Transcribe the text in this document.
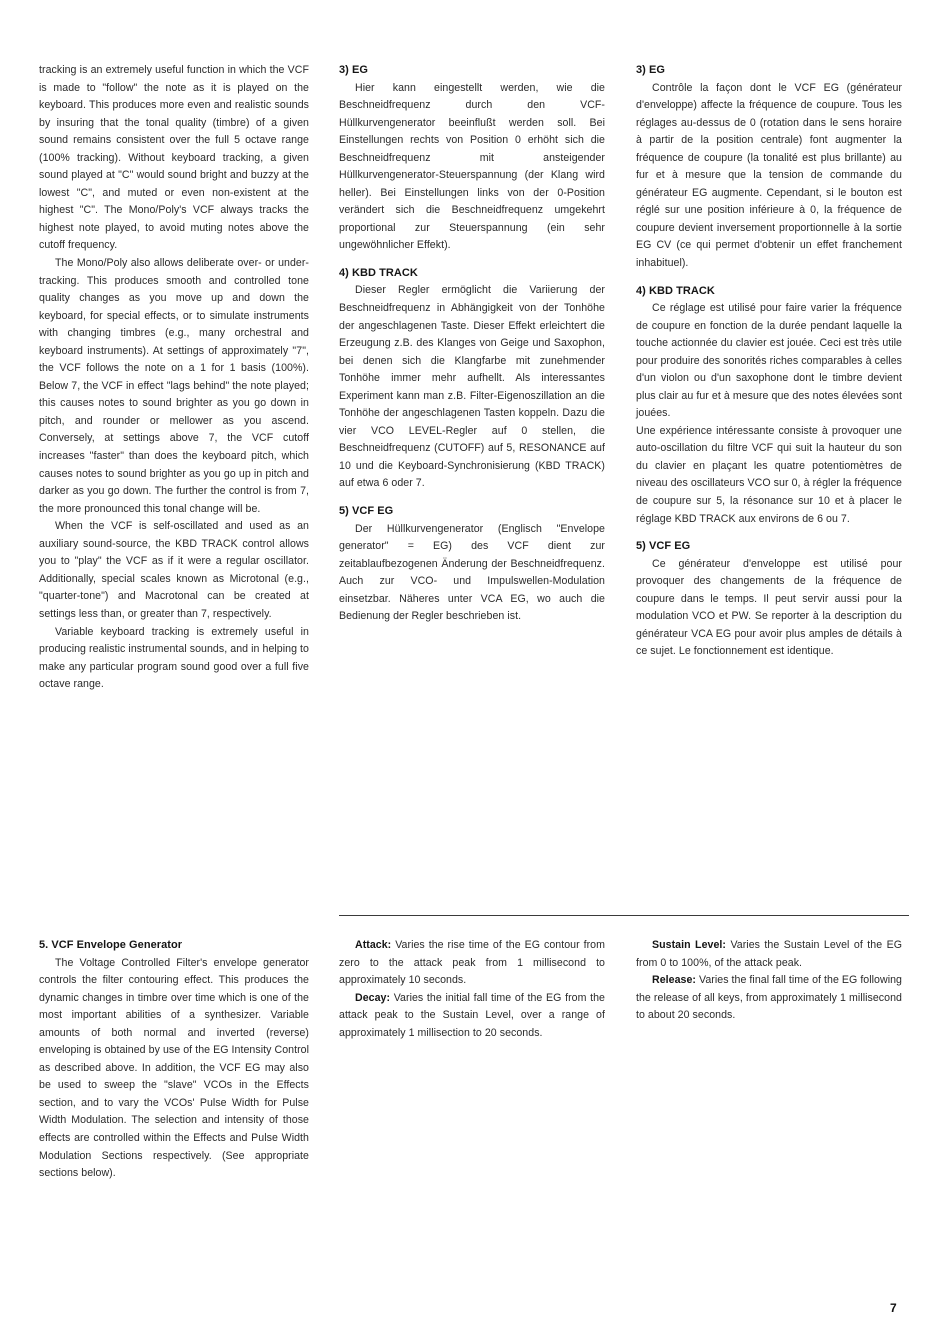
tracking is an extremely useful function in which the VCF is made to "follow" the note as it is played on the keyboard. This produces more even and realistic sounds by insuring that the tonal quality (timbre) of a given sound remains consistent over the full 5 octave range (100% tracking). Without keyboard tracking, a given sound played at "C" would sound bright and buzzy at the lowest "C", and muted or even non-existent at the highest "C". The Mono/Poly's VCF always tracks the highest note played, to avoid muting notes above the cutoff frequency.

The Mono/Poly also allows deliberate over- or under-tracking. This produces smooth and controlled tone quality changes as you move up and down the keyboard, for special effects, or to simulate instruments with changing timbres (e.g., many orchestral and keyboard instruments). At settings of approximately "7", the VCF follows the note on a 1 for 1 basis (100%). Below 7, the VCF in effect "lags behind" the note played; this causes notes to sound brighter as you go down in pitch, and rounder or mellower as you ascend. Conversely, at settings above 7, the VCF cutoff increases "faster" than does the keyboard pitch, which causes notes to sound brighter as you go up in pitch and darker as you go down. The further the control is from 7, the more pronounced this tonal change will be.

When the VCF is self-oscillated and used as an auxiliary sound-source, the KBD TRACK control allows you to "play" the VCF as if it were a regular oscillator. Additionally, special scales known as Microtonal (e.g., "quarter-tone") and Macrotonal can be created at settings less than, or greater than 7, respectively.

Variable keyboard tracking is extremely useful in producing realistic instrumental sounds, and in helping to make any particular program sound good over a full five octave range.

3) EG

Hier kann eingestellt werden, wie die Beschneidfrequenz durch den VCF-Hüllkurvengenerator beeinflußt werden soll. Bei Einstellungen rechts von Position 0 erhöht sich die Beschneidfrequenz mit ansteigender Hüllkurvengenerator-Steuerspannung (der Klang wird heller). Bei Einstellungen links von der 0-Position verändert sich die Beschneidfrequenz umgekehrt proportional zur Steuerspannung (ein sehr ungewöhnlicher Effekt).

4) KBD TRACK

Dieser Regler ermöglicht die Variierung der Beschneidfrequenz in Abhängigkeit von der Tonhöhe der angeschlagenen Taste. Dieser Effekt erleichtert die Erzeugung z.B. des Klanges von Geige und Saxophon, bei denen sich die Klangfarbe mit zunehmender Tonhöhe immer mehr aufhellt. Als interessantes Experiment kann man z.B. Filter-Eigenoszillation an die Tonhöhe der angeschlagenen Tasten koppeln. Dazu die vier VCO LEVEL-Regler auf 0 stellen, die Beschneidfrequenz (CUTOFF) auf 5, RESONANCE auf 10 und die Keyboard-Synchronisierung (KBD TRACK) auf etwa 6 oder 7.

5) VCF EG

Der Hüllkurvengenerator (Englisch "Envelope generator" = EG) des VCF dient zur zeitablaufbezogenen Änderung der Beschneidfrequenz. Auch zur VCO- und Impulswellen-Modulation einsetzbar. Näheres unter VCA EG, wo auch die Bedienung der Regler beschrieben ist.

3) EG

Contrôle la façon dont le VCF EG (générateur d'enveloppe) affecte la fréquence de coupure. Tous les réglages au-dessus de 0 (rotation dans le sens horaire à partir de la position centrale) font augmenter la fréquence de coupure (la tonalité est plus brillante) au fur et à mesure que la tension de commande du générateur EG augmente. Cependant, si le bouton est réglé sur une position inférieure à 0, la fréquence de coupure devient inversement proportionnelle à la sortie EG CV (ce qui permet d'obtenir un effet franchement inhabituel).

4) KBD TRACK

Ce réglage est utilisé pour faire varier la fréquence de coupure en fonction de la durée pendant laquelle la touche actionnée du clavier est jouée. Ceci est très utile pour produire des sonorités riches comparables à celles d'un violon ou d'un saxophone dont le timbre devient plus clair au fur et à mesure que des notes élevées sont jouées.

Une expérience intéressante consiste à provoquer une auto-oscillation du filtre VCF qui suit la hauteur du son du clavier en plaçant les quatre potentiomètres de niveau des oscillateurs VCO sur 0, à régler la fréquence de coupure sur 5, la résonance sur 10 et à placer le réglage KBD TRACK aux environs de 6 ou 7.

5) VCF EG

Ce générateur d'enveloppe est utilisé pour provoquer des changements de la fréquence de coupure dans le temps. Il peut servir aussi pour la modulation VCO et PW. Se reporter à la description du générateur VCA EG pour avoir plus amples de détails à ce sujet. Le fonctionnement est identique.

5. VCF Envelope Generator

The Voltage Controlled Filter's envelope generator controls the filter contouring effect. This produces the dynamic changes in timbre over time which is one of the most important abilities of a synthesizer. Variable amounts of both normal and inverted (reverse) enveloping is obtained by use of the EG Intensity Control as described above. In addition, the VCF EG may also be used to sweep the "slave" VCOs in the Effects section, and to vary the VCOs' Pulse Width for Pulse Width Modulation. The selection and intensity of those effects are controlled within the Effects and Pulse Width Modulation Sections respectively. (See appropriate sections below).

Attack: Varies the rise time of the EG contour from zero to the attack peak from 1 millisecond to approximately 10 seconds.

Decay: Varies the initial fall time of the EG from the attack peak to the Sustain Level, over a range of approximately 1 millisection to 20 seconds.

Sustain Level: Varies the Sustain Level of the EG from 0 to 100%, of the attack peak.

Release: Varies the final fall time of the EG following the release of all keys, from approximately 1 millisecond to about 20 seconds.

7
